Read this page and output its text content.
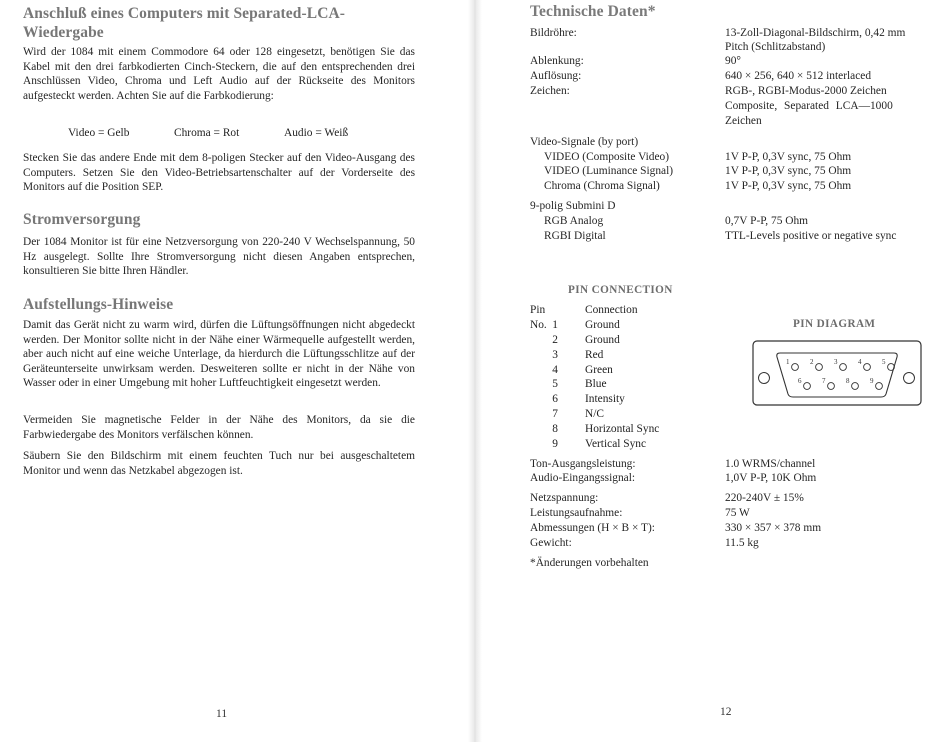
Anschluß eines Computers mit Separated-LCA-
Wiedergabe

Wird der 1084 mit einem Commodore 64 oder 128 eingesetzt, benötigen Sie das Kabel mit den drei farbkodierten Cinch-Steckern, die auf den entsprechenden drei Anschlüssen Video, Chroma und Left Audio auf der Rückseite des Monitors aufgesteckt werden. Achten Sie auf die Farbkodierung:

Video = Gelb	Chroma = Rot	Audio = Weiß

Stecken Sie das andere Ende mit dem 8-poligen Stecker auf den Video-Ausgang des Computers. Setzen Sie den Video-Betriebsartenschalter auf der Vorderseite des Monitors auf die Position SEP.

Stromversorgung

Der 1084 Monitor ist für eine Netzversorgung von 220-240 V Wechselspannung, 50 Hz ausgelegt. Sollte Ihre Stromversorgung nicht diesen Angaben entsprechen, konsultieren Sie bitte Ihren Händler.

Aufstellungs-Hinweise

Damit das Gerät nicht zu warm wird, dürfen die Lüftungsöffnungen nicht abgedeckt werden. Der Monitor sollte nicht in der Nähe einer Wärmequelle aufgestellt werden, aber auch nicht auf eine weiche Unterlage, da hierdurch die Lüftungsschlitze auf der Geräteunterseite unwirksam werden. Desweiteren sollte er nicht in der Nähe von Wasser oder in einer Umgebung mit hoher Luftfeuchtigkeit eingesetzt werden.

Vermeiden Sie magnetische Felder in der Nähe des Monitors, da sie die Farbwiedergabe des Monitors verfälschen können.

Säubern Sie den Bildschirm mit einem feuchten Tuch nur bei ausgeschaltetem Monitor und wenn das Netzkabel abgezogen ist.

11
Technische Daten*
Bildröhre:	13-Zoll-Diagonal-Bildschirm, 0,42 mm
Pitch (Schlitzabstand)
Ablenkung:	90°
Auflösung:	640 × 256, 640 × 512 interlaced
Zeichen:	RGB-, RGBI-Modus-2000 Zeichen
Composite, Separated LCA—1000
Zeichen
Video-Signale (by port)
VIDEO (Composite Video)	1V P-P, 0,3V sync, 75 Ohm
VIDEO (Luminance Signal)	1V P-P, 0,3V sync, 75 Ohm
Chroma (Chroma Signal)	1V P-P, 0,3V sync, 75 Ohm
9-polig Submini D
RGB Analog	0,7V P-P, 75 Ohm
RGBI Digital	TTL-Levels positive or negative sync
PIN CONNECTION
Pin No.
Connection
1 Ground
2 Ground
3 Red
4 Green
5 Blue
6 Intensity
7 N/C
8 Horizontal Sync
9 Vertical Sync
PIN DIAGRAM
1	2	3	4	5
6	7	8	9
Ton-Ausgangsleistung:	1.0 WRMS/channel
Audio-Eingangssignal:	1,0V P-P, 10K Ohm
Netzspannung:	220-240V ± 15%
Leistungsaufnahme:	75 W
Abmessungen (H × B × T):	330 × 357 × 378 mm
Gewicht:	11.5 kg
*Änderungen vorbehalten
12
